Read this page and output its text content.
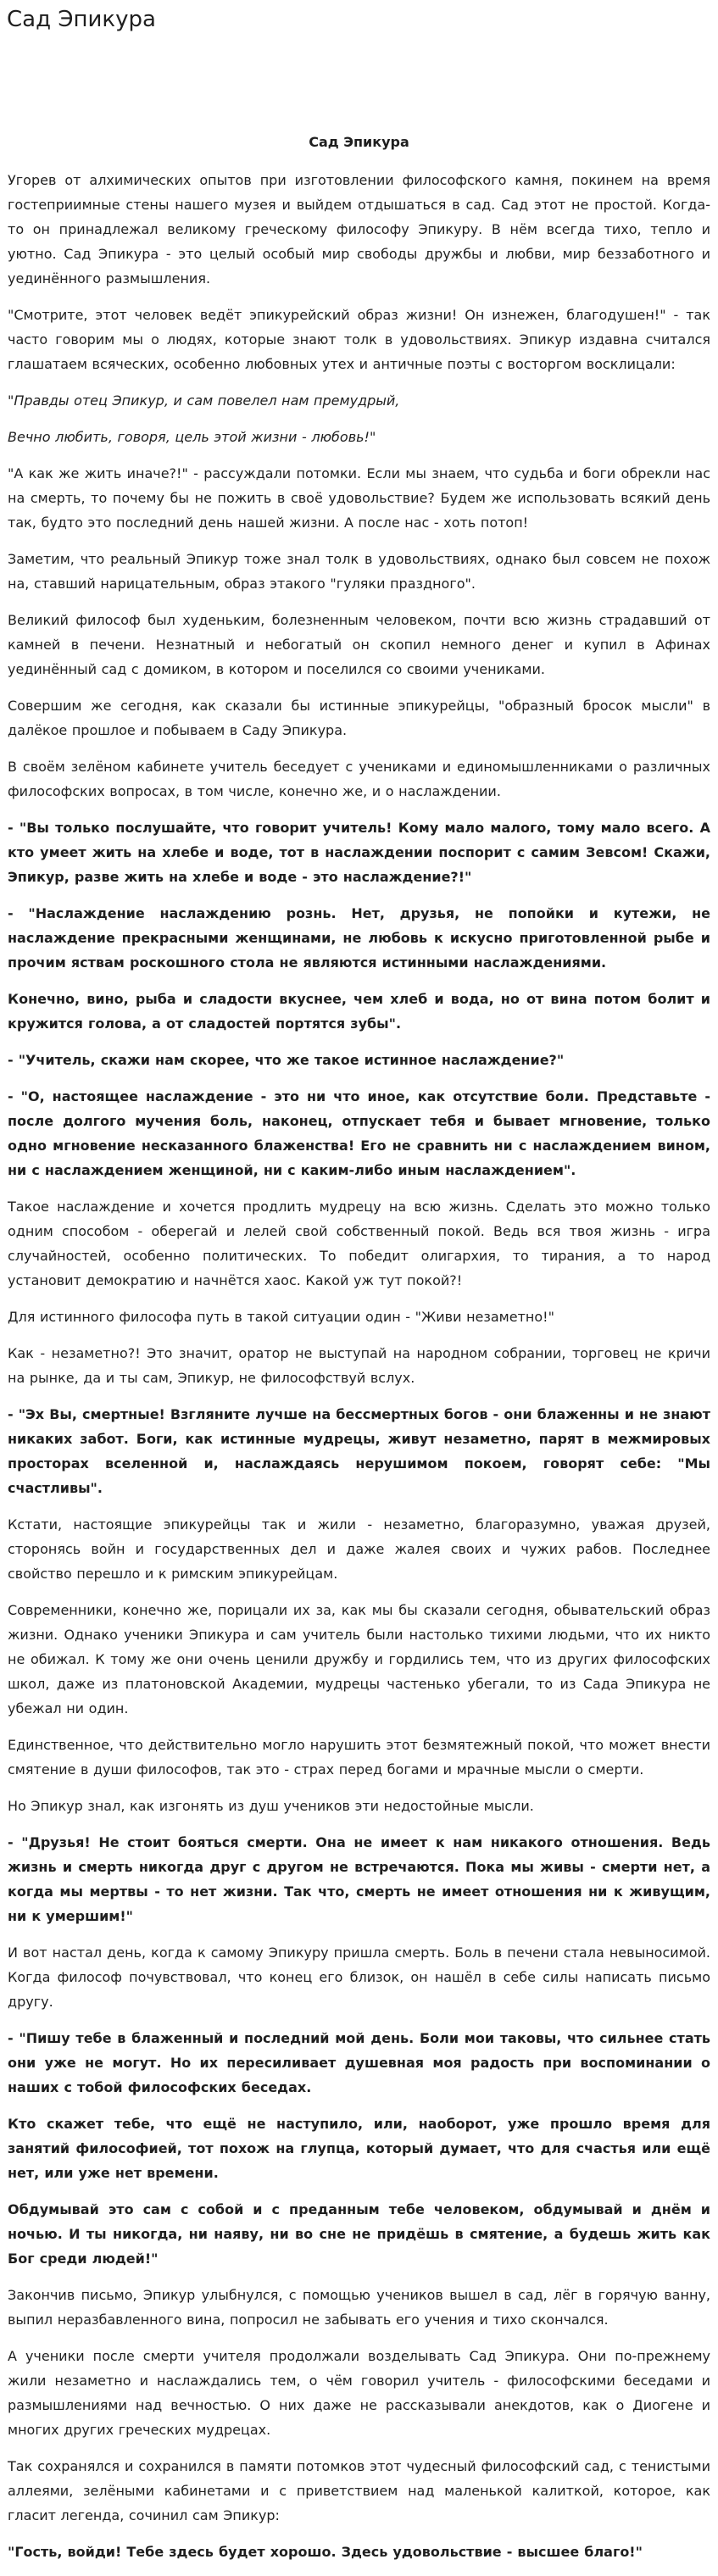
Сад Эпикура
Сад Эпикура

Угорев от алхимических опытов при изготовлении философского камня, покинем на время гостеприимные стены нашего музея и выйдем отдышаться в сад. Сад этот не простой. Когда-то он принадлежал великому греческому философу Эпикуру. В нём всегда тихо, тепло и уютно. Сад Эпикура - это целый особый мир свободы дружбы и любви, мир беззаботного и уединённого размышления.

"Смотрите, этот человек ведёт эпикурейский образ жизни! Он изнежен, благодушен!" - так часто говорим мы о людях, которые знают толк в удовольствиях. Эпикур издавна считался глашатаем всяческих, особенно любовных утех и античные поэты с восторгом восклицали:

"Правды отец Эпикур, и сам повелел нам премудрый,

Вечно любить, говоря, цель этой жизни - любовь!"

"А как же жить иначе?!" - рассуждали потомки. Если мы знаем, что судьба и боги обрекли нас на смерть, то почему бы не пожить в своё удовольствие? Будем же использовать всякий день так, будто это последний день нашей жизни. А после нас - хоть потоп!

Заметим, что реальный Эпикур тоже знал толк в удовольствиях, однако был совсем не похож на, ставший нарицательным, образ этакого "гуляки праздного".

Великий философ был худеньким, болезненным человеком, почти всю жизнь страдавший от камней в печени. Незнатный и небогатый он скопил немного денег и купил в Афинах уединённый сад с домиком, в котором и поселился со своими учениками.

Совершим же сегодня, как сказали бы истинные эпикурейцы, "образный бросок мысли" в далёкое прошлое и побываем в Саду Эпикура.

В своём зелёном кабинете учитель беседует с учениками и единомышленниками о различных философских вопросах, в том числе, конечно же, и о наслаждении.

- "Вы только послушайте, что говорит учитель! Кому мало малого, тому мало всего. А кто умеет жить на хлебе и воде, тот в наслаждении поспорит с самим Зевсом! Скажи, Эпикур, разве жить на хлебе и воде - это наслаждение?!"

- "Наслаждение наслаждению рознь. Нет, друзья, не попойки и кутежи, не наслаждение прекрасными женщинами, не любовь к искусно приготовленной рыбе и прочим яствам роскошного стола не являются истинными наслаждениями.

Конечно, вино, рыба и сладости вкуснее, чем хлеб и вода, но от вина потом болит и кружится голова, а от сладостей портятся зубы".

- "Учитель, скажи нам скорее, что же такое истинное наслаждение?"

- "О, настоящее наслаждение - это ни что иное, как отсутствие боли. Представьте - после долгого мучения боль, наконец, отпускает тебя и бывает мгновение, только одно мгновение несказанного блаженства! Его не сравнить ни с наслаждением вином, ни с наслаждением женщиной, ни с каким-либо иным наслаждением".

Такое наслаждение и хочется продлить мудрецу на всю жизнь. Сделать это можно только одним способом - оберегай и лелей свой собственный покой. Ведь вся твоя жизнь - игра случайностей, особенно политических. То победит олигархия, то тирания, а то народ установит демократию и начнётся хаос. Какой уж тут покой?!

Для истинного философа путь в такой ситуации один - "Живи незаметно!"

Как - незаметно?! Это значит, оратор не выступай на народном собрании, торговец не кричи на рынке, да и ты сам, Эпикур, не философствуй вслух.

- "Эх Вы, смертные! Взгляните лучше на бессмертных богов - они блаженны и не знают никаких забот. Боги, как истинные мудрецы, живут незаметно, парят в межмировых просторах вселенной и, наслаждаясь нерушимом покоем, говорят себе: "Мы счастливы".

Кстати, настоящие эпикурейцы так и жили - незаметно, благоразумно, уважая друзей, сторонясь войн и государственных дел и даже жалея своих и чужих рабов. Последнее свойство перешло и к римским эпикурейцам.

Современники, конечно же, порицали их за, как мы бы сказали сегодня, обывательский образ жизни. Однако ученики Эпикура и сам учитель были настолько тихими людьми, что их никто не обижал. К тому же они очень ценили дружбу и гордились тем, что из других философских школ, даже из платоновской Академии, мудрецы частенько убегали, то из Сада Эпикура не убежал ни один.

Единственное, что действительно могло нарушить этот безмятежный покой, что может внести смятение в души философов, так это - страх перед богами и мрачные мысли о смерти.

Но Эпикур знал, как изгонять из душ учеников эти недостойные мысли.

- "Друзья! Не стоит бояться смерти. Она не имеет к нам никакого отношения. Ведь жизнь и смерть никогда друг с другом не встречаются. Пока мы живы - смерти нет, а когда мы мертвы - то нет жизни. Так что, смерть не имеет отношения ни к живущим, ни к умершим!"

И вот настал день, когда к самому Эпикуру пришла смерть. Боль в печени стала невыносимой. Когда философ почувствовал, что конец его близок, он нашёл в себе силы написать письмо другу.

- "Пишу тебе в блаженный и последний мой день. Боли мои таковы, что сильнее стать они уже не могут. Но их пересиливает душевная моя радость при воспоминании о наших с тобой философских беседах.

Кто скажет тебе, что ещё не наступило, или, наоборот, уже прошло время для занятий философией, тот похож на глупца, который думает, что для счастья или ещё нет, или уже нет времени.

Обдумывай это сам с собой и с преданным тебе человеком, обдумывай и днём и ночью. И ты никогда, ни наяву, ни во сне не придёшь в смятение, а будешь жить как Бог среди людей!"

Закончив письмо, Эпикур улыбнулся, с помощью учеников вышел в сад, лёг в горячую ванну, выпил неразбавленного вина, попросил не забывать его учения и тихо скончался.

А ученики после смерти учителя продолжали возделывать Сад Эпикура. Они по-прежнему жили незаметно и наслаждались тем, о чём говорил учитель - философскими беседами и размышлениями над вечностью. О них даже не рассказывали анекдотов, как о Диогене и многих других греческих мудрецах.

Так сохранялся и сохранился в памяти потомков этот чудесный философский сад, с тенистыми аллеями, зелёными кабинетами и с приветствием над маленькой калиткой, которое, как гласит легенда, сочинил сам Эпикур:

"Гость, войди! Тебе здесь будет хорошо. Здесь удовольствие - высшее благо!"
